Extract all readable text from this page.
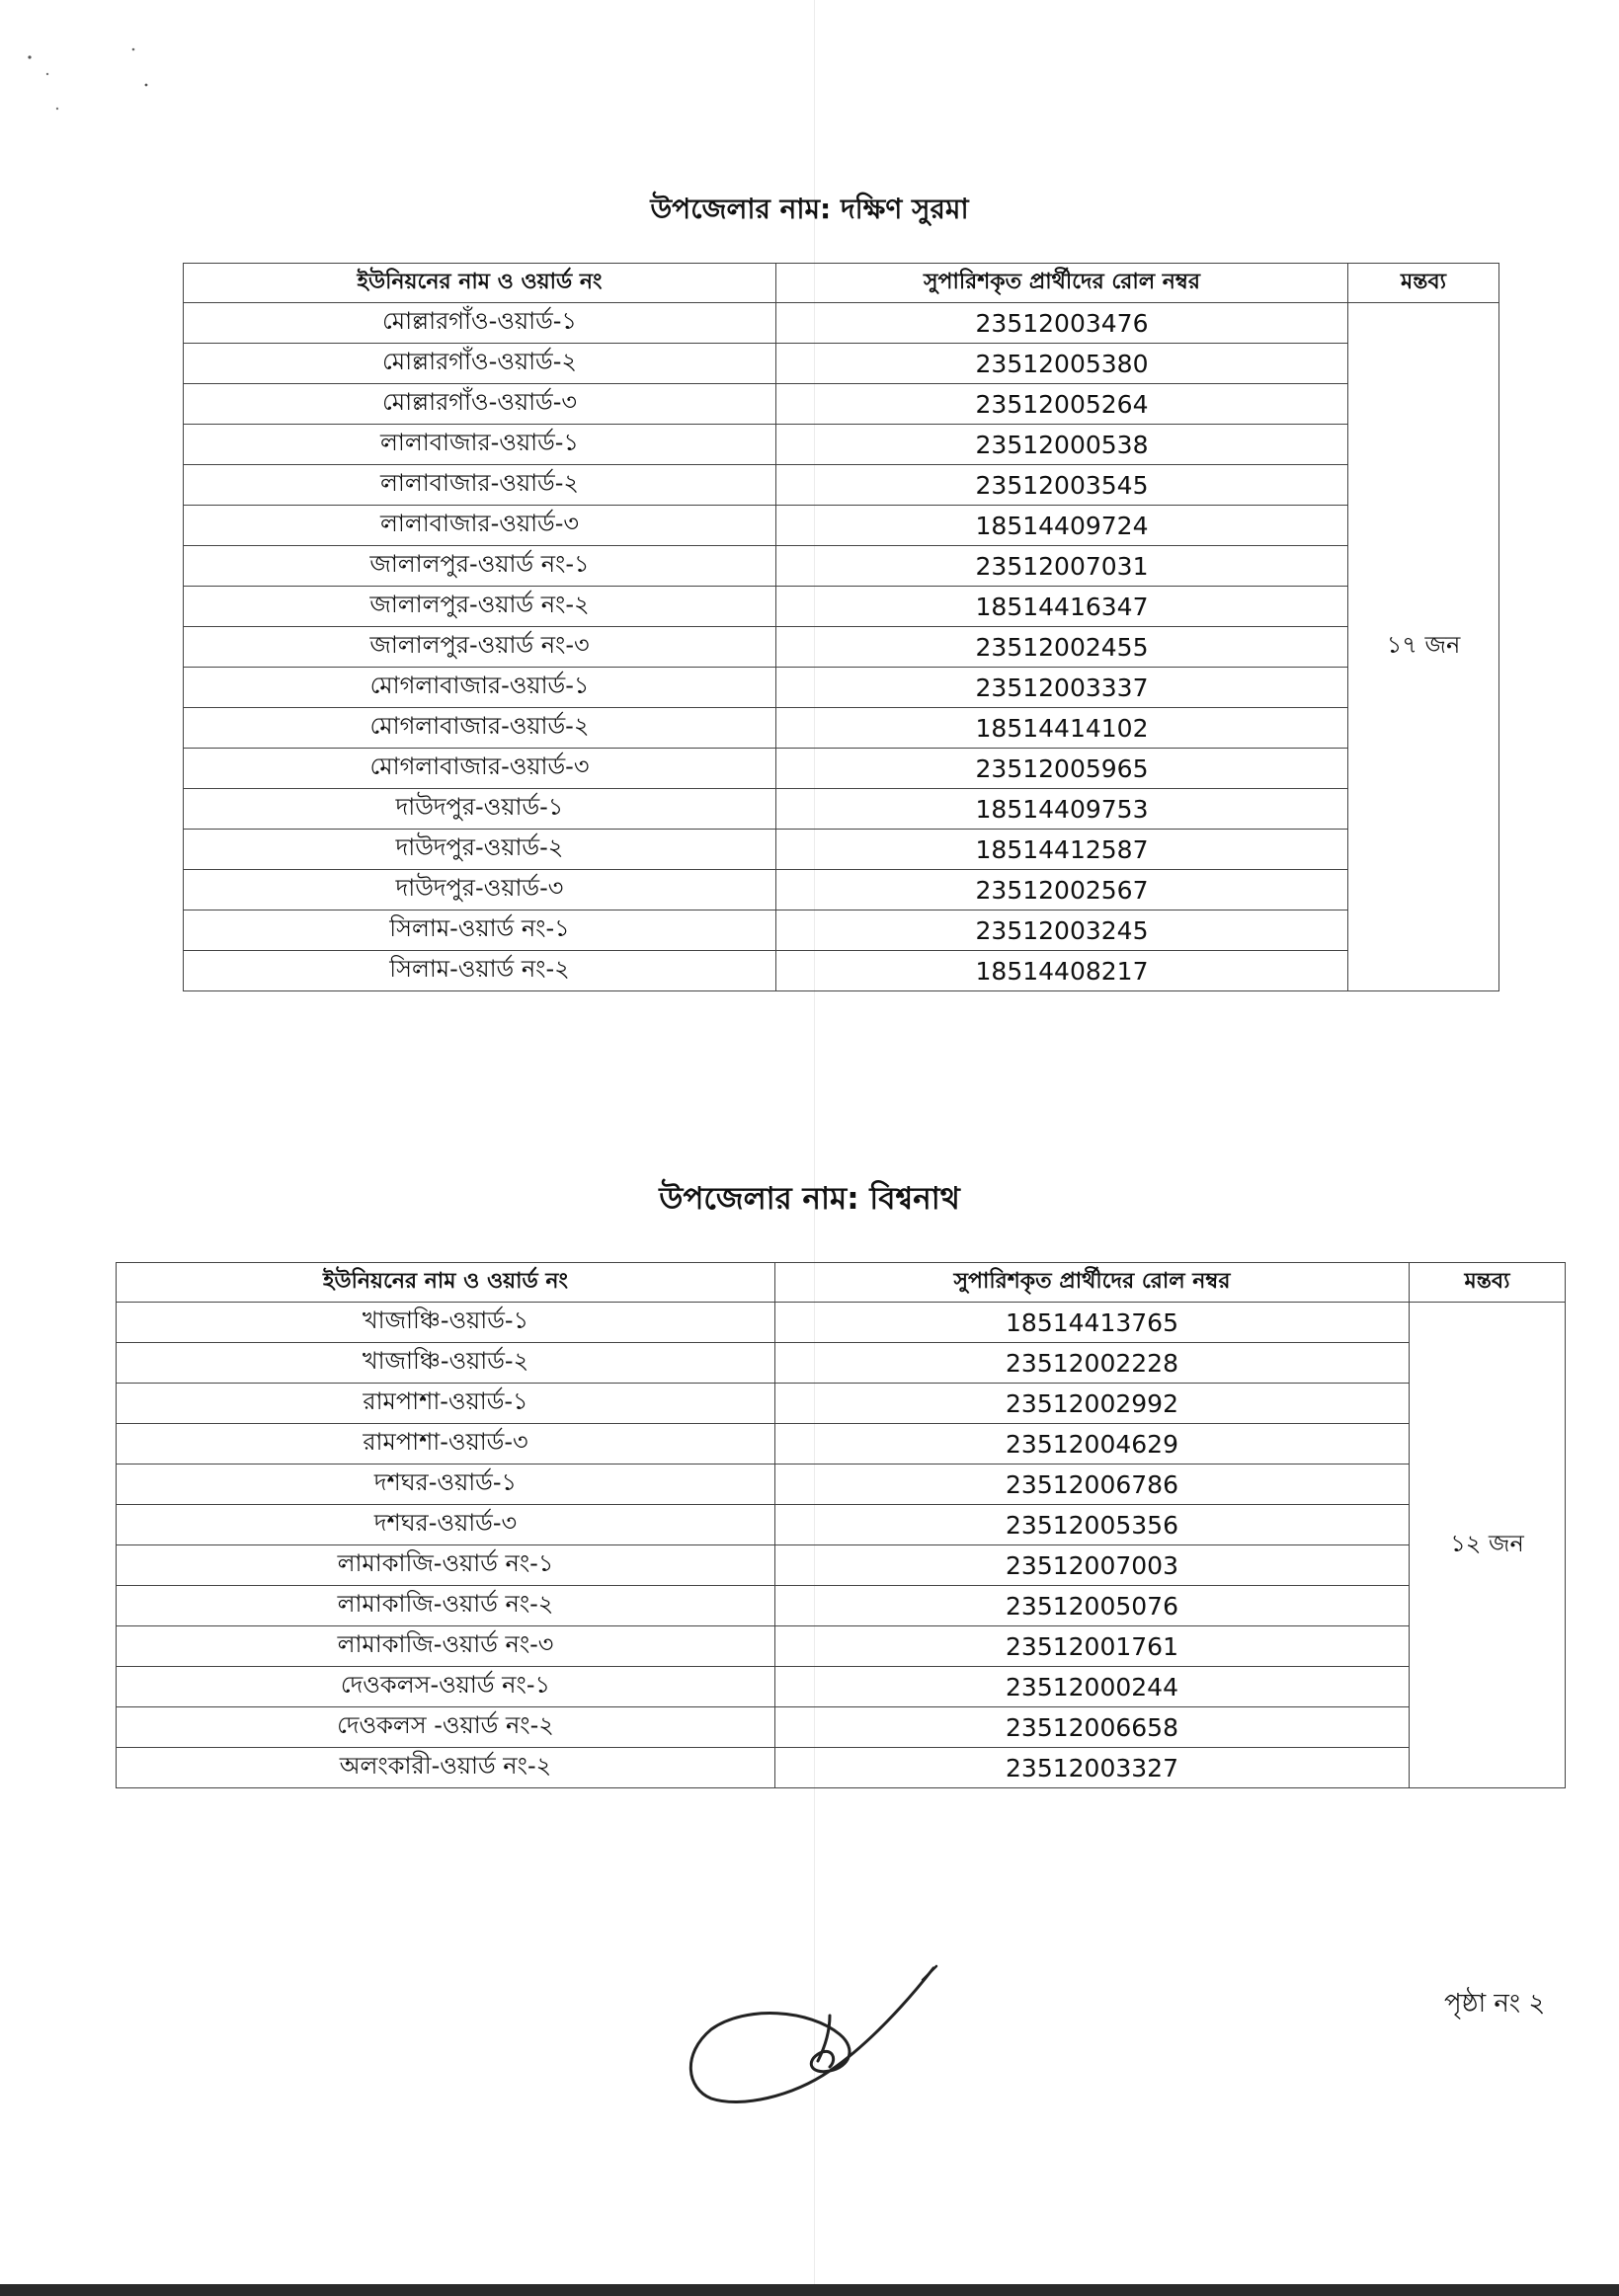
উপজেলার নাম: দক্ষিণ সুরমা
ইউনিয়নের নাম ও ওয়ার্ড নং	সুপারিশকৃত প্রার্থীদের রোল নম্বর	মন্তব্য
মোল্লারগাঁও-ওয়ার্ড-১	23512003476	১৭ জন
মোল্লারগাঁও-ওয়ার্ড-২	23512005380	
মোল্লারগাঁও-ওয়ার্ড-৩	23512005264	
লালাবাজার-ওয়ার্ড-১	23512000538	
লালাবাজার-ওয়ার্ড-২	23512003545	
লালাবাজার-ওয়ার্ড-৩	18514409724	
জালালপুর-ওয়ার্ড নং-১	23512007031	
জালালপুর-ওয়ার্ড নং-২	18514416347	
জালালপুর-ওয়ার্ড নং-৩	23512002455	
মোগলাবাজার-ওয়ার্ড-১	23512003337	
মোগলাবাজার-ওয়ার্ড-২	18514414102	
মোগলাবাজার-ওয়ার্ড-৩	23512005965	
দাউদপুর-ওয়ার্ড-১	18514409753	
দাউদপুর-ওয়ার্ড-২	18514412587	
দাউদপুর-ওয়ার্ড-৩	23512002567	
সিলাম-ওয়ার্ড নং-১	23512003245	
সিলাম-ওয়ার্ড নং-২	18514408217	
উপজেলার নাম: বিশ্বনাথ
ইউনিয়নের নাম ও ওয়ার্ড নং	সুপারিশকৃত প্রার্থীদের রোল নম্বর	মন্তব্য
খাজাঞ্চি-ওয়ার্ড-১	18514413765	১২ জন
খাজাঞ্চি-ওয়ার্ড-২	23512002228	
রামপাশা-ওয়ার্ড-১	23512002992	
রামপাশা-ওয়ার্ড-৩	23512004629	
দশঘর-ওয়ার্ড-১	23512006786	
দশঘর-ওয়ার্ড-৩	23512005356	
লামাকাজি-ওয়ার্ড নং-১	23512007003	
লামাকাজি-ওয়ার্ড নং-২	23512005076	
লামাকাজি-ওয়ার্ড নং-৩	23512001761	
দেওকলস-ওয়ার্ড নং-১	23512000244	
দেওকলস -ওয়ার্ড নং-২	23512006658	
অলংকারী-ওয়ার্ড নং-২	23512003327	

পৃষ্ঠা নং ২
